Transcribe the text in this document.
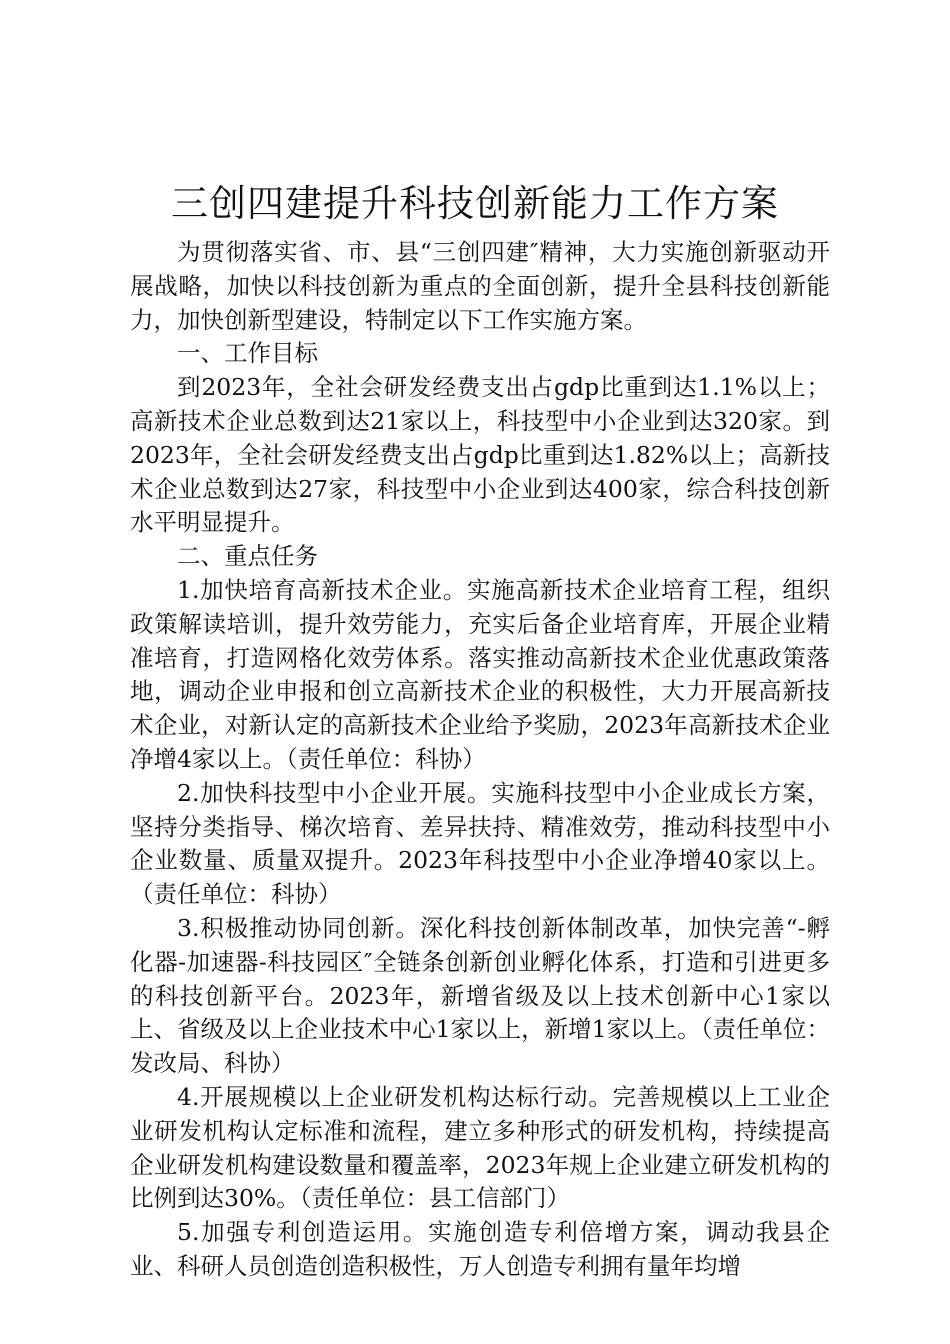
三创四建提升科技创新能力工作方案

为贯彻落实省、市、县“三创四建″精神，大力实施创新驱动开展战略，加快以科技创新为重点的全面创新，提升全县科技创新能力，加快创新型建设，特制定以下工作实施方案。

一、工作目标

到2023年，全社会研发经费支出占gdp比重到达1.1%以上；高新技术企业总数到达21家以上，科技型中小企业到达320家。到2023年，全社会研发经费支出占gdp比重到达1.82%以上；高新技术企业总数到达27家，科技型中小企业到达400家，综合科技创新水平明显提升。

二、重点任务

1.加快培育高新技术企业。实施高新技术企业培育工程，组织政策解读培训，提升效劳能力，充实后备企业培育库，开展企业精准培育，打造网格化效劳体系。落实推动高新技术企业优惠政策落地，调动企业申报和创立高新技术企业的积极性，大力开展高新技术企业，对新认定的高新技术企业给予奖励，2023年高新技术企业净增4家以上。（责任单位：科协）

2.加快科技型中小企业开展。实施科技型中小企业成长方案，坚持分类指导、梯次培育、差异扶持、精准效劳，推动科技型中小企业数量、质量双提升。2023年科技型中小企业净增40家以上。（责任单位：科协）

3.积极推动协同创新。深化科技创新体制改革，加快完善“-孵化器-加速器-科技园区″全链条创新创业孵化体系，打造和引进更多的科技创新平台。2023年，新增省级及以上技术创新中心1家以上、省级及以上企业技术中心1家以上，新增1家以上。（责任单位：发改局、科协）

4.开展规模以上企业研发机构达标行动。完善规模以上工业企业研发机构认定标准和流程，建立多种形式的研发机构，持续提高企业研发机构建设数量和覆盖率，2023年规上企业建立研发机构的比例到达30%。（责任单位：县工信部门）

5.加强专利创造运用。实施创造专利倍增方案，调动我县企业、科研人员创造创造积极性，万人创造专利拥有量年均增
